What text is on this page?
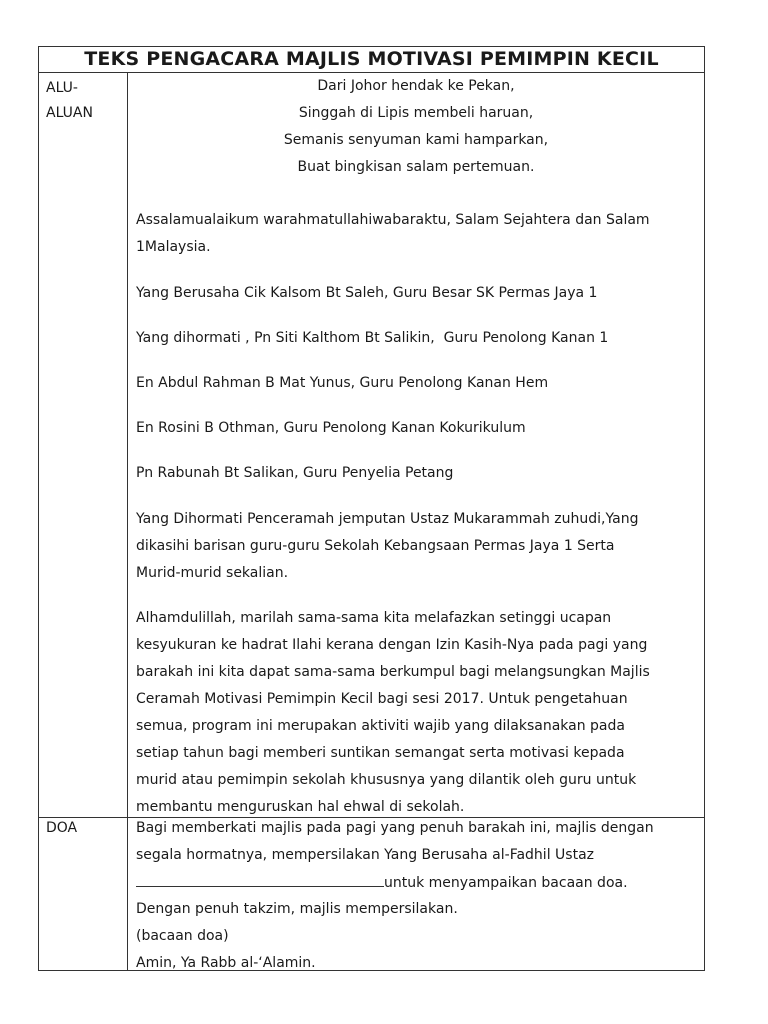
TEKS PENGACARA MAJLIS MOTIVASI PEMIMPIN KECIL
ALU-
ALUAN
Dari Johor hendak ke Pekan,
Singgah di Lipis membeli haruan,
Semanis senyuman kami hamparkan,
Buat bingkisan salam pertemuan.
Assalamualaikum warahmatullahiwabaraktu, Salam Sejahtera dan Salam
1Malaysia.
Yang Berusaha Cik Kalsom Bt Saleh, Guru Besar SK Permas Jaya 1
Yang dihormati , Pn Siti Kalthom Bt Salikin,  Guru Penolong Kanan 1
En Abdul Rahman B Mat Yunus, Guru Penolong Kanan Hem
En Rosini B Othman, Guru Penolong Kanan Kokurikulum
Pn Rabunah Bt Salikan, Guru Penyelia Petang
Yang Dihormati Penceramah jemputan Ustaz Mukarammah zuhudi,Yang
dikasihi barisan guru-guru Sekolah Kebangsaan Permas Jaya 1 Serta
Murid-murid sekalian.
Alhamdulillah, marilah sama-sama kita melafazkan setinggi ucapan
kesyukuran ke hadrat Ilahi kerana dengan Izin Kasih-Nya pada pagi yang
barakah ini kita dapat sama-sama berkumpul bagi melangsungkan Majlis
Ceramah Motivasi Pemimpin Kecil bagi sesi 2017. Untuk pengetahuan
semua, program ini merupakan aktiviti wajib yang dilaksanakan pada
setiap tahun bagi memberi suntikan semangat serta motivasi kepada
murid atau pemimpin sekolah khususnya yang dilantik oleh guru untuk
membantu menguruskan hal ehwal di sekolah.
DOA	Bagi memberkati majlis pada pagi yang penuh barakah ini, majlis dengan
segala hormatnya, mempersilakan Yang Berusaha al-Fadhil Ustaz
untuk menyampaikan bacaan doa.
Dengan penuh takzim, majlis mempersilakan.
(bacaan doa)
Amin, Ya Rabb al-‘Alamin.
